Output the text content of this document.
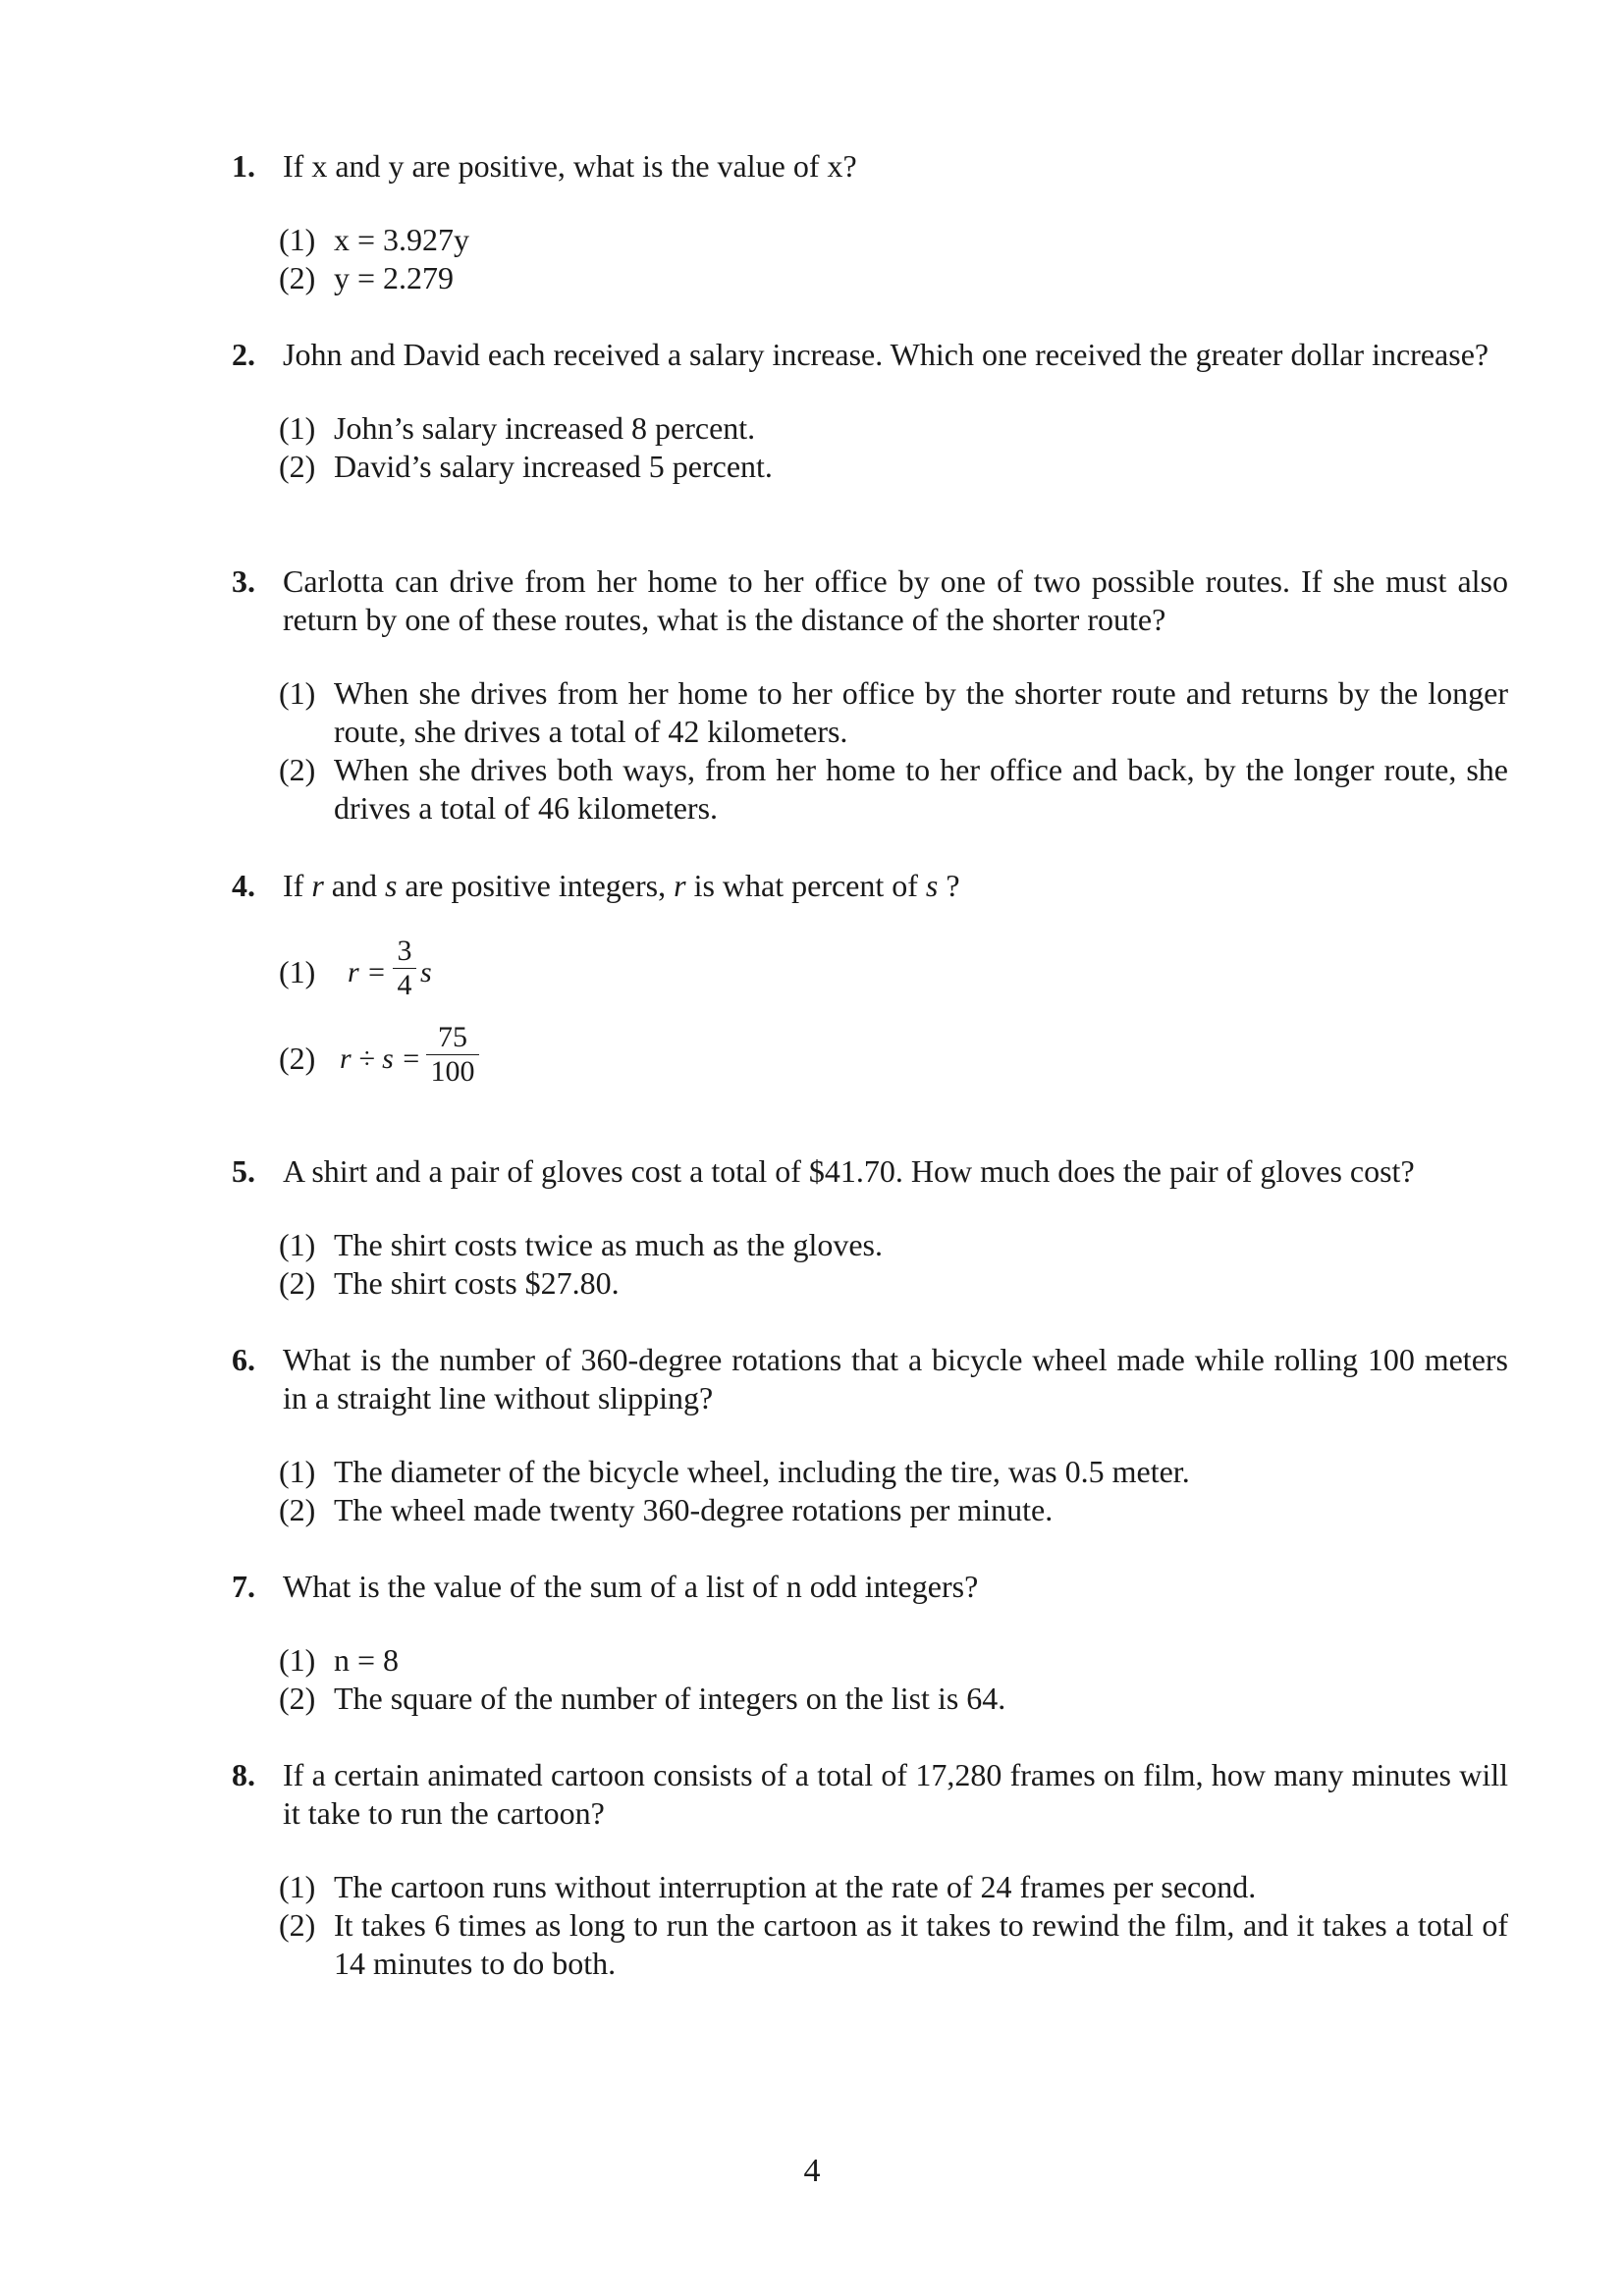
1. If x and y are positive, what is the value of x?
(1) x = 3.927y
(2) y = 2.279
2. John and David each received a salary increase. Which one received the greater dollar increase?
(1) John’s salary increased 8 percent.
(2) David’s salary increased 5 percent.
3. Carlotta can drive from her home to her office by one of two possible routes. If she must also return by one of these routes, what is the distance of the shorter route?
(1) When she drives from her home to her office by the shorter route and returns by the longer route, she drives a total of 42 kilometers.
(2) When she drives both ways, from her home to her office and back, by the longer route, she drives a total of 46 kilometers.
4. If r and s are positive integers, r is what percent of s ?
(1) r =
3
4 s
(2) r ÷ s =
75
100
5. A shirt and a pair of gloves cost a total of $41.70. How much does the pair of gloves cost?
(1) The shirt costs twice as much as the gloves.
(2) The shirt costs $27.80.
6. What is the number of 360-degree rotations that a bicycle wheel made while rolling 100 meters in a straight line without slipping?
(1) The diameter of the bicycle wheel, including the tire, was 0.5 meter.
(2) The wheel made twenty 360-degree rotations per minute.
7. What is the value of the sum of a list of n odd integers?
(1) n = 8
(2) The square of the number of integers on the list is 64.
8. If a certain animated cartoon consists of a total of 17,280 frames on film, how many minutes will it take to run the cartoon?
(1) The cartoon runs without interruption at the rate of 24 frames per second.
(2) It takes 6 times as long to run the cartoon as it takes to rewind the film, and it takes a total of 14 minutes to do both.
4
